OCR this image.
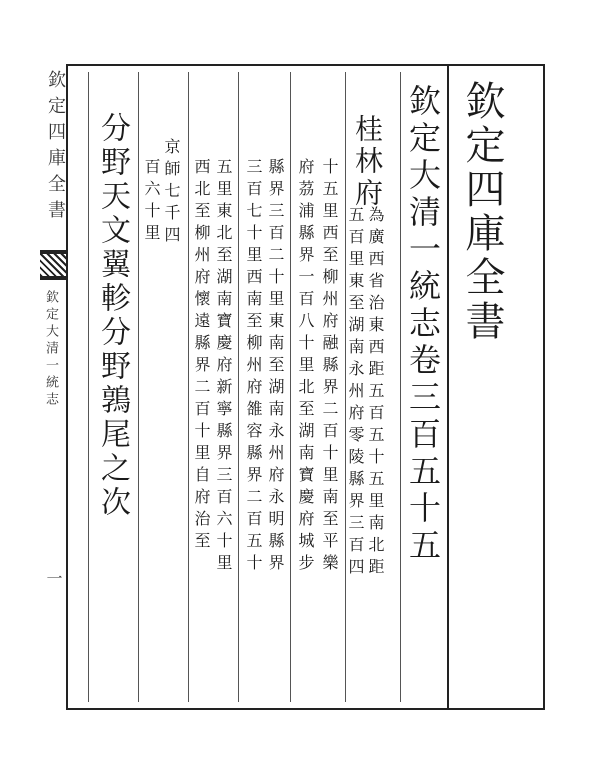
欽定四庫全書
欽定大清一統志卷三百五十五
桂林府
為廣西省治東西距五百五十五里南北距
五百里東至湖南永州府零陵縣界三百四
十五里西至柳州府融縣界二百十里南至平樂
府茘浦縣界一百八十里北至湖南寶慶府城步
縣界三百二十里東南至湖南永州府永明縣界
三百七十里西南至柳州府雒容縣界二百五十
五里東北至湖南寶慶府新寧縣界三百六十里
西北至柳州府懷遠縣界二百十里自府治至
京師七千四
百六十里
分野天文翼軫分野鶉尾之次
欽定四庫全書
欽定大清一統志
一
